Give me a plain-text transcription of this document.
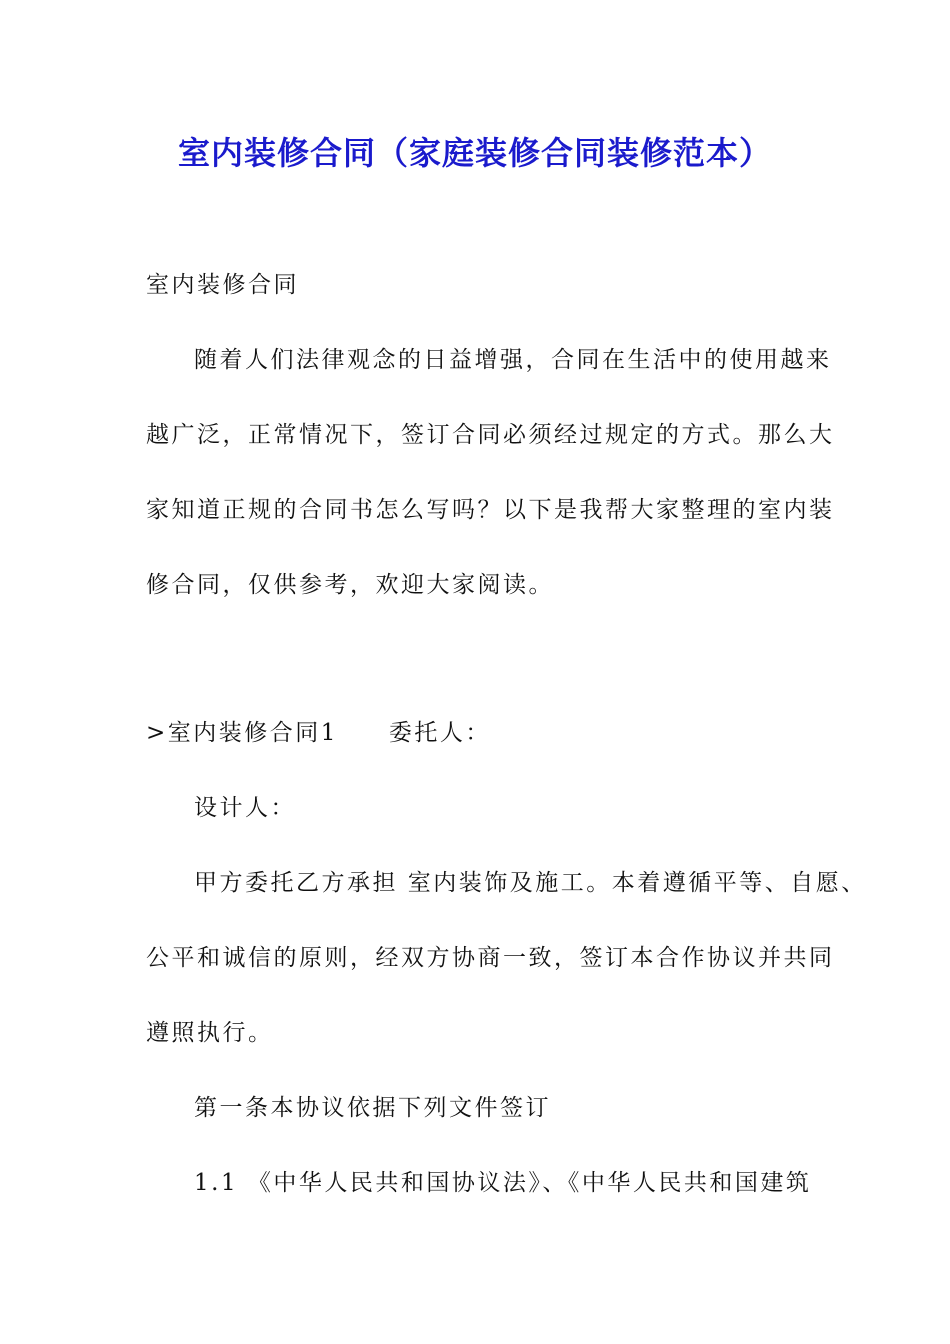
室内装修合同（家庭装修合同装修范本）
室内装修合同
随着人们法律观念的日益增强，合同在生活中的使用越来
越广泛，正常情况下，签订合同必须经过规定的方式。那么大
家知道正规的合同书怎么写吗？以下是我帮大家整理的室内装
修合同，仅供参考，欢迎大家阅读。
>室内装修合同1　　委托人：
设计人：
甲方委托乙方承担 室内装饰及施工。本着遵循平等、自愿、
公平和诚信的原则，经双方协商一致，签订本合作协议并共同
遵照执行。
第一条本协议依据下列文件签订
1.1 《中华人民共和国协议法》、《中华人民共和国建筑
